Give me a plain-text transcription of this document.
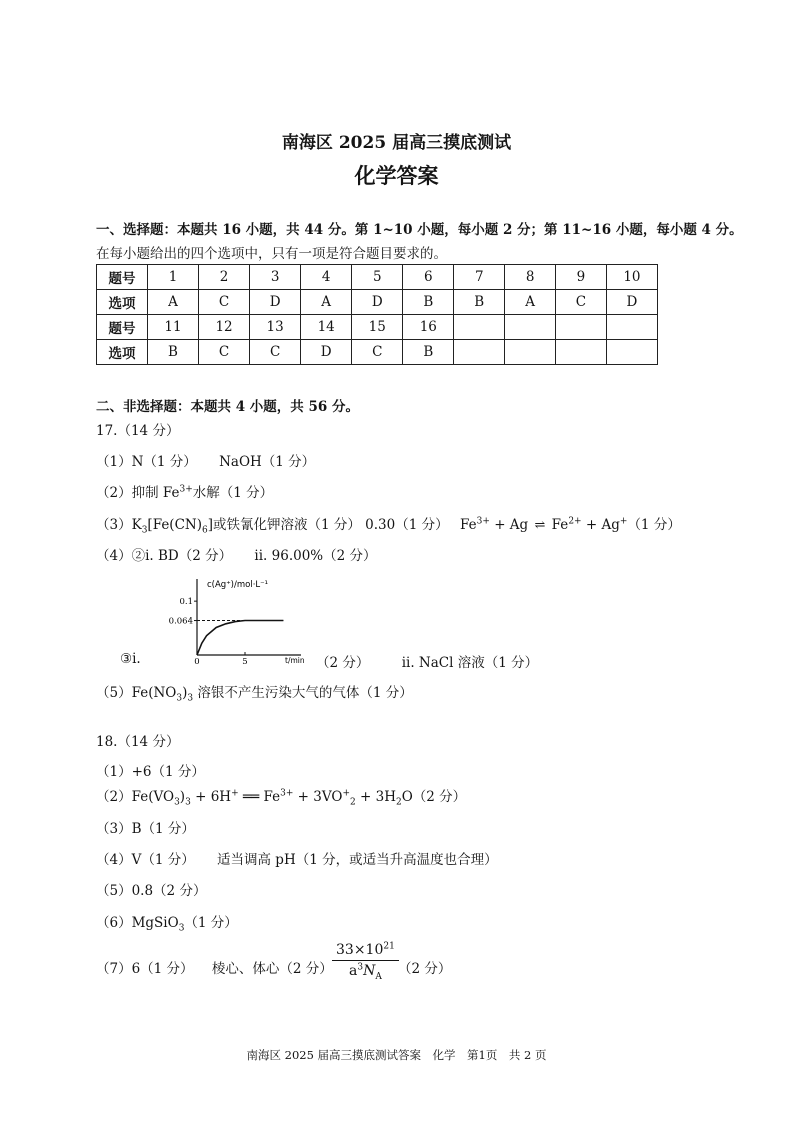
南海区 2025 届高三摸底测试
化学答案
一、选择题：本题共 16 小题，共 44 分。第 1~10 小题，每小题 2 分；第 11~16 小题，每小题 4 分。
在每小题给出的四个选项中，只有一项是符合题目要求的。
题号	1	2	3	4	5	6	7	8	9	10
选项	A	C	D	A	D	B	B	A	C	D
题号	11	12	13	14	15	16				
选项	B	C	C	D	C	B				
二、非选择题：本题共 4 小题，共 56 分。
17.（14 分）
（1）N（1 分） NaOH（1 分）
（2）抑制 $Fe^{3+}$水解（1 分）
$(3)K_3[Fe(CN)_6]$或铁氰化钾溶液（1 分） 0.30（1 分） $Fe^{3+} + Ag$ ⇌ $Fe^{2+} + Ag^+(1$ 分）
（4）②i. BD（2 分） ii. 96.00%（2 分）
c(Ag⁺)/mol·L⁻¹
t/min
0.1
0.064
0	5
③i.	（2 分） ii. NaCl 溶液（1 分）
$(5)Fe(NO_3)_3$ 溶银不产生污染大气的气体（1 分）
18.（14 分）
（1）+6（1 分）
$(2)Fe(VO_3)_3 + 6H^+$ ══ $Fe^{3+} + 3VO^+_2 + 3H_2O(2$ 分）
（3）B（1 分）
（4）V（1 分） 适当调高 pH（1 分，或适当升高温度也合理）
（5）0.8（2 分）
（6）MgSiO$_3$（1 分）
（7）6（1 分） 棱心、体心（2 分）
$33\times 10^{21}$
$a^3N_A$	（2 分）
南海区 2025 届高三摸底测试答案　化学　第1页　共 2 页
